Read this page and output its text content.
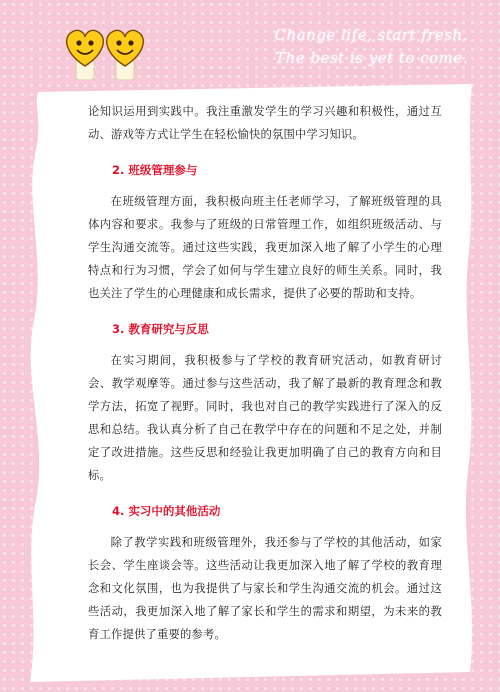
Change life, start fresh.
The best is yet to come.

论知识运用到实践中。我注重激发学生的学习兴趣和积极性，通过互动、游戏等方式让学生在轻松愉快的氛围中学习知识。

2. 班级管理参与

在班级管理方面，我积极向班主任老师学习，了解班级管理的具体内容和要求。我参与了班级的日常管理工作，如组织班级活动、与学生沟通交流等。通过这些实践，我更加深入地了解了小学生的心理特点和行为习惯，学会了如何与学生建立良好的师生关系。同时，我也关注了学生的心理健康和成长需求，提供了必要的帮助和支持。

3. 教育研究与反思

在实习期间，我积极参与了学校的教育研究活动，如教育研讨会、教学观摩等。通过参与这些活动，我了解了最新的教育理念和教学方法，拓宽了视野。同时，我也对自己的教学实践进行了深入的反思和总结。我认真分析了自己在教学中存在的问题和不足之处，并制定了改进措施。这些反思和经验让我更加明确了自己的教育方向和目标。

4. 实习中的其他活动

除了教学实践和班级管理外，我还参与了学校的其他活动，如家长会、学生座谈会等。这些活动让我更加深入地了解了学校的教育理念和文化氛围，也为我提供了与家长和学生沟通交流的机会。通过这些活动，我更加深入地了解了家长和学生的需求和期望，为未来的教育工作提供了重要的参考。
